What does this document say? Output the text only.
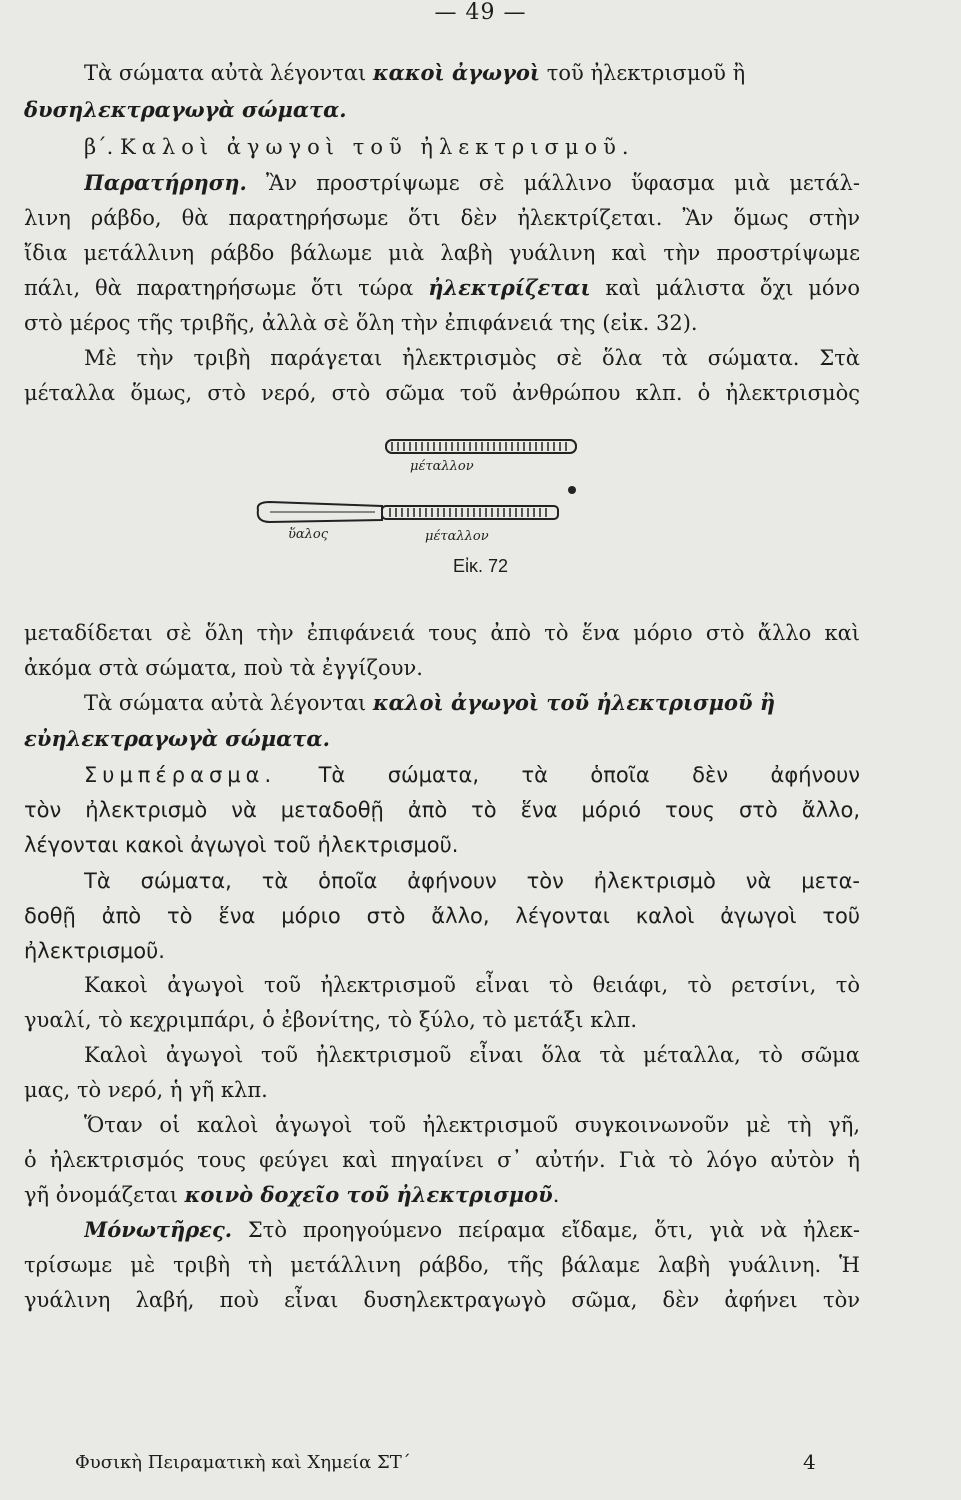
— 49 —
Τὰ σώματα αὐτὰ λέγονται κακοὶ ἀγωγοὶ τοῦ ἠλεκτρισμοῦ ἢ
δυσηλεκτραγωγὰ σώματα.
β΄. Καλοὶ ἀγωγοὶ τοῦ ἠλεκτρισμοῦ.
Παρατήρηση. Ἂν προστρίψωμε σὲ μάλλινο ὕφασμα μιὰ μετάλ-
λινη ράβδο, θὰ παρατηρήσωμε ὅτι δὲν ἠλεκτρίζεται. Ἂν ὅμως στὴν
ἴδια μετάλλινη ράβδο βάλωμε μιὰ λαβὴ γυάλινη καὶ τὴν προστρίψωμε
πάλι, θὰ παρατηρήσωμε ὅτι τώρα ἠλεκτρίζεται καὶ μάλιστα ὄχι μόνο
στὸ μέρος τῆς τριβῆς, ἀλλὰ σὲ ὅλη τὴν ἐπιφάνειά της (εἰκ. 32).
Μὲ τὴν τριβὴ παράγεται ἠλεκτρισμὸς σὲ ὅλα τὰ σώματα. Στὰ
μέταλλα ὅμως, στὸ νερό, στὸ σῶμα τοῦ ἀνθρώπου κλπ. ὁ ἠλεκτρισμὸς
μέταλλον
ὕαλος	μέταλλον
Εἰκ. 72
μεταδίδεται σὲ ὅλη τὴν ἐπιφάνειά τους ἀπὸ τὸ ἕνα μόριο στὸ ἄλλο καὶ
ἀκόμα στὰ σώματα, ποὺ τὰ ἐγγίζουν.
Τὰ σώματα αὐτὰ λέγονται καλοὶ ἀγωγοὶ τοῦ ἠλεκτρισμοῦ ἢ
εὐηλεκτραγωγὰ σώματα.
Συμπέρασμα. Τὰ σώματα, τὰ ὁποῖα δὲν ἀφήνουν
τὸν ἠλεκτρισμὸ νὰ μεταδοθῇ ἀπὸ τὸ ἕνα μόριό τους στὸ ἄλλο,
λέγονται κακοὶ ἀγωγοὶ τοῦ ἠλεκτρισμοῦ.
Τὰ σώματα, τὰ ὁποῖα ἀφήνουν τὸν ἠλεκτρισμὸ νὰ μετα-
δοθῇ ἀπὸ τὸ ἕνα μόριο στὸ ἄλλο, λέγονται καλοὶ ἀγωγοὶ τοῦ
ἠλεκτρισμοῦ.
Κακοὶ ἀγωγοὶ τοῦ ἠλεκτρισμοῦ εἶναι τὸ θειάφι, τὸ ρετσίνι, τὸ
γυαλί, τὸ κεχριμπάρι, ὁ ἐβονίτης, τὸ ξύλο, τὸ μετάξι κλπ.
Καλοὶ ἀγωγοὶ τοῦ ἠλεκτρισμοῦ εἶναι ὅλα τὰ μέταλλα, τὸ σῶμα
μας, τὸ νερό, ἡ γῆ κλπ.
Ὅταν οἱ καλοὶ ἀγωγοὶ τοῦ ἠλεκτρισμοῦ συγκοινωνοῦν μὲ τὴ γῆ,
ὁ ἠλεκτρισμός τους φεύγει καὶ πηγαίνει σ᾿ αὐτήν. Γιὰ τὸ λόγο αὐτὸν ἡ
γῆ ὀνομάζεται κοινὸ δοχεῖο τοῦ ἠλεκτρισμοῦ.
Μόνωτῆρες. Στὸ προηγούμενο πείραμα εἴδαμε, ὅτι, γιὰ νὰ ἠλεκ-
τρίσωμε μὲ τριβὴ τὴ μετάλλινη ράβδο, τῆς βάλαμε λαβὴ γυάλινη. Ἡ
γυάλινη λαβή, ποὺ εἶναι δυσηλεκτραγωγὸ σῶμα, δὲν ἀφήνει τὸν
Φυσικὴ Πειραματικὴ καὶ Χημεία ΣΤ΄	4
